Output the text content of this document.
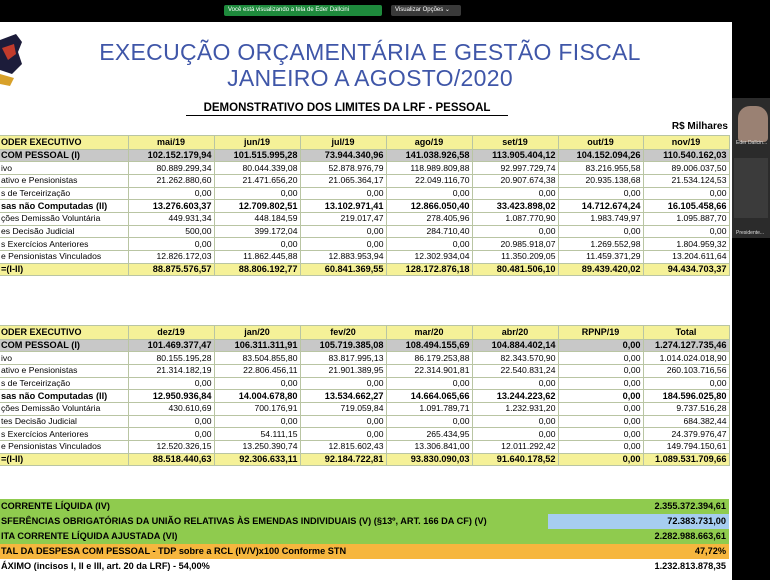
Você está visualizando a tela de Eder Dallcini	Visualizar Opções ⌄
EXECUÇÃO ORÇAMENTÁRIA E GESTÃO FISCAL
JANEIRO A AGOSTO/2020
DEMONSTRATIVO DOS LIMITES DA LRF - PESSOAL
R$ Milhares
ODER EXECUTIVO	mai/19	jun/19	jul/19	ago/19	set/19	out/19	nov/19
COM PESSOAL (I)	102.152.179,94	101.515.995,28	73.944.340,96	141.038.926,58	113.905.404,12	104.152.094,26	110.540.162,03
ivo	80.889.299,34	80.044.339,08	52.878.976,79	118.989.809,88	92.997.729,74	83.216.955,58	89.006.037,50
ativo e Pensionistas	21.262.880,60	21.471.656,20	21.065.364,17	22.049.116,70	20.907.674,38	20.935.138,68	21.534.124,53
s de Terceirização	0,00	0,00	0,00	0,00	0,00	0,00	0,00
sas não Computadas (II)	13.276.603,37	12.709.802,51	13.102.971,41	12.866.050,40	33.423.898,02	14.712.674,24	16.105.458,66
ções Demissão Voluntária	449.931,34	448.184,59	219.017,47	278.405,96	1.087.770,90	1.983.749,97	1.095.887,70
es Decisão Judicial	500,00	399.172,04	0,00	284.710,40	0,00	0,00	0,00
s Exercícios Anteriores	0,00	0,00	0,00	0,00	20.985.918,07	1.269.552,98	1.804.959,32
e Pensionistas Vinculados	12.826.172,03	11.862.445,88	12.883.953,94	12.302.934,04	11.350.209,05	11.459.371,29	13.204.611,64
=(I-II)	88.875.576,57	88.806.192,77	60.841.369,55	128.172.876,18	80.481.506,10	89.439.420,02	94.434.703,37
ODER EXECUTIVO	dez/19	jan/20	fev/20	mar/20	abr/20	RPNP/19	Total
COM PESSOAL (I)	101.469.377,47	106.311.311,91	105.719.385,08	108.494.155,69	104.884.402,14	0,00	1.274.127.735,46
ivo	80.155.195,28	83.504.855,80	83.817.995,13	86.179.253,88	82.343.570,90	0,00	1.014.024.018,90
ativo e Pensionistas	21.314.182,19	22.806.456,11	21.901.389,95	22.314.901,81	22.540.831,24	0,00	260.103.716,56
s de Terceirização	0,00	0,00	0,00	0,00	0,00	0,00	0,00
sas não Computadas (II)	12.950.936,84	14.004.678,80	13.534.662,27	14.664.065,66	13.244.223,62	0,00	184.596.025,80
ções Demissão Voluntária	430.610,69	700.176,91	719.059,84	1.091.789,71	1.232.931,20	0,00	9.737.516,28
tes Decisão Judicial	0,00	0,00	0,00	0,00	0,00	0,00	684.382,44
s Exercícios Anteriores	0,00	54.111,15	0,00	265.434,95	0,00	0,00	24.379.976,47
e Pensionistas Vinculados	12.520.326,15	13.250.390,74	12.815.602,43	13.306.841,00	12.011.292,42	0,00	149.794.150,61
=(I-II)	88.518.440,63	92.306.633,11	92.184.722,81	93.830.090,03	91.640.178,52	0,00	1.089.531.709,66
CORRENTE LÍQUIDA (IV)	2.355.372.394,61
SFERÊNCIAS OBRIGATÓRIAS DA UNIÃO RELATIVAS ÀS EMENDAS INDIVIDUAIS (V) (§13º, ART. 166 DA CF) (V)	72.383.731,00
ITA CORRENTE LÍQUIDA AJUSTADA (VI)	2.282.988.663,61
TAL DA DESPESA COM PESSOAL - TDP sobre a RCL (IV/V)x100 Conforme STN	47,72%
ÁXIMO (incisos I, II e III, art. 20 da LRF) - 54,00%	1.232.813.878,35
Eder Dallcin...
Presidente...
